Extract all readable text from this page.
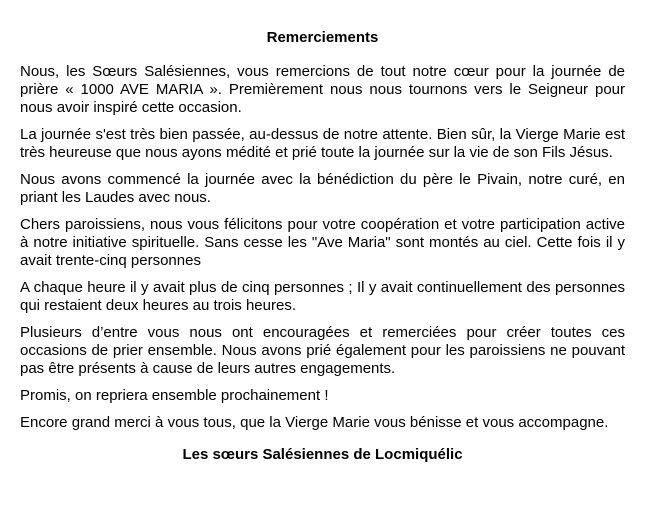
Remerciements

Nous, les Sœurs Salésiennes, vous remercions de tout notre cœur pour la journée de prière « 1000 AVE MARIA ». Premièrement nous nous tournons vers le Seigneur pour nous avoir inspiré cette occasion.

La journée s'est très bien passée, au-dessus de notre attente. Bien sûr, la Vierge Marie est très heureuse que nous ayons médité et prié toute la journée sur la vie de son Fils Jésus.

Nous avons commencé la journée avec la bénédiction du père le Pivain, notre curé, en priant les Laudes avec nous.

Chers paroissiens, nous vous félicitons pour votre coopération et votre participation active à notre initiative spirituelle. Sans cesse les "Ave Maria" sont montés au ciel. Cette fois il y avait trente-cinq personnes

A chaque heure il y avait plus de cinq personnes ; Il y avait continuellement des personnes qui restaient deux heures au trois heures.

Plusieurs d’entre vous nous ont encouragées et remerciées pour créer toutes ces occasions de prier ensemble. Nous avons prié également pour les paroissiens ne pouvant pas être présents à cause de leurs autres engagements.

Promis, on repriera ensemble prochainement !

Encore grand merci à vous tous, que la Vierge Marie vous bénisse et vous accompagne.

Les sœurs Salésiennes de Locmiquélic
